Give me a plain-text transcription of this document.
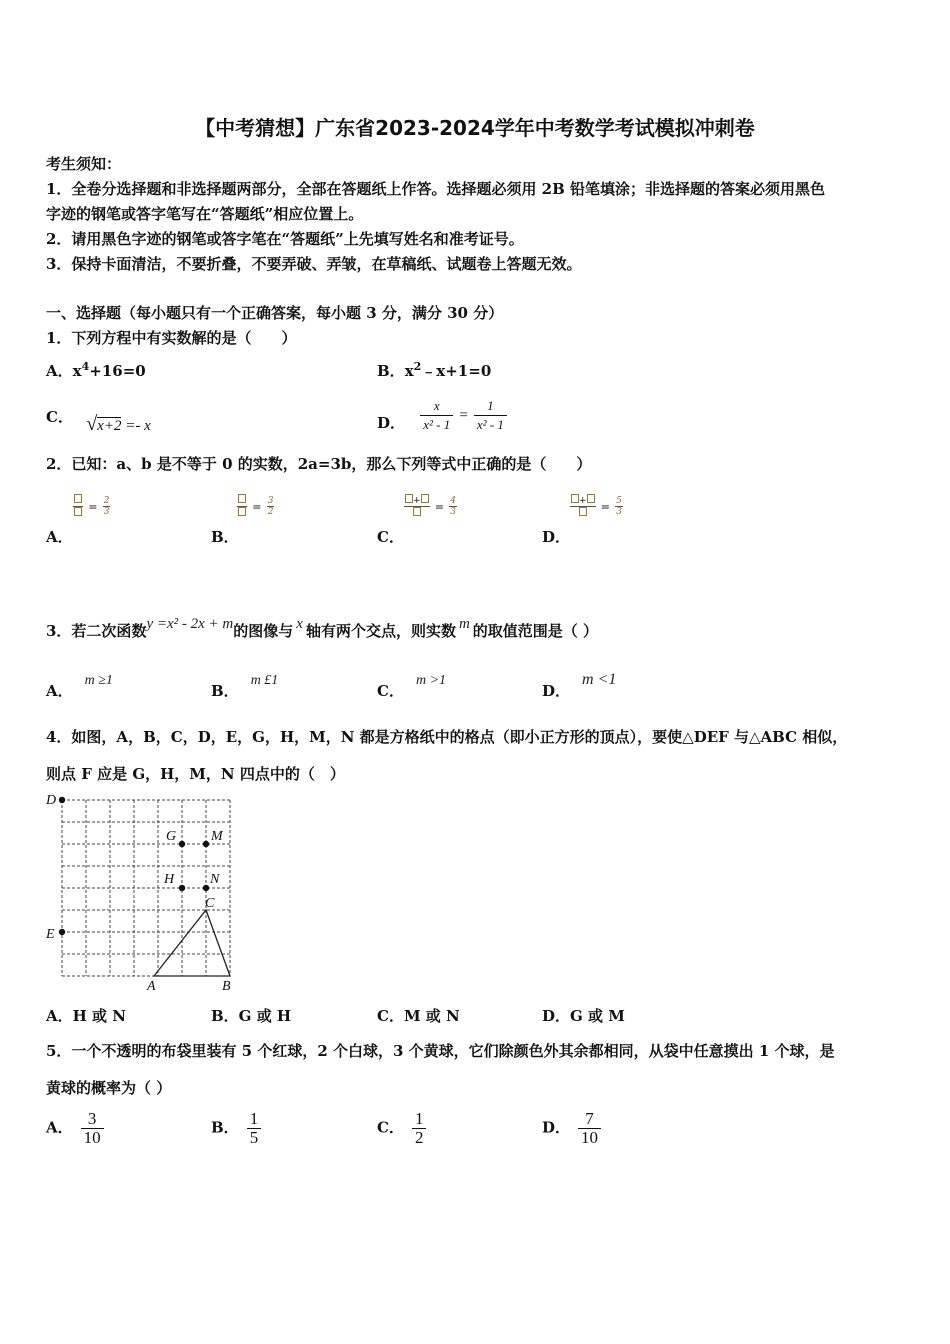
【中考猜想】广东省2023-2024学年中考数学考试模拟冲刺卷
考生须知：
1．全卷分选择题和非选择题两部分，全部在答题纸上作答。选择题必须用 2B 铅笔填涂；非选择题的答案必须用黑色
字迹的钢笔或答字笔写在“答题纸”相应位置上。
2．请用黑色字迹的钢笔或答字笔在“答题纸”上先填写姓名和准考证号。
3．保持卡面清洁，不要折叠，不要弄破、弄皱，在草稿纸、试题卷上答题无效。
一、选择题（每小题只有一个正确答案，每小题 3 分，满分 30 分）
1．下列方程中有实数解的是（　　）
A．$x^4+16=0$	B．$x^2﹣x+1=0$
C． √x+2 =- x	D． $\frac{x}{\text{x² - 1}} = \frac{1}{\text{x² - 1}}$
2．已知：a、b 是不等于 0 的实数，2a=3b，那么下列等式中正确的是（　　）
= $\frac{2}{3}$	= $\frac{3}{2}$	+	= $\frac{4}{3}$	+	= $\frac{5}{3}$
A．	B．	C．	D．
3．若二次函数y =x² - 2x + m的图像与 x 轴有两个交点，则实数 m 的取值范围是（ ）
A．m ≥1
B．m £1
C．m >1
D．m <1
4．如图，A，B，C，D，E，G，H，M，N 都是方格纸中的格点（即小正方形的顶点），要使△DEF 与△ABC 相似，
则点 F 应是 G，H，M，N 四点中的（　）
D
G M
H	N
C
E
A	B
A．H 或 N	B．G 或 H	C．M 或 N	D．G 或 M
5．一个不透明的布袋里装有 5 个红球，2 个白球，3 个黄球，它们除颜色外其余都相同，从袋中任意摸出 1 个球，是
黄球的概率为（ ）
A． $\frac{3}{10}$	B． $\frac{1}{5}$	C． $\frac{1}{2}$	D． $\frac{7}{10}$
